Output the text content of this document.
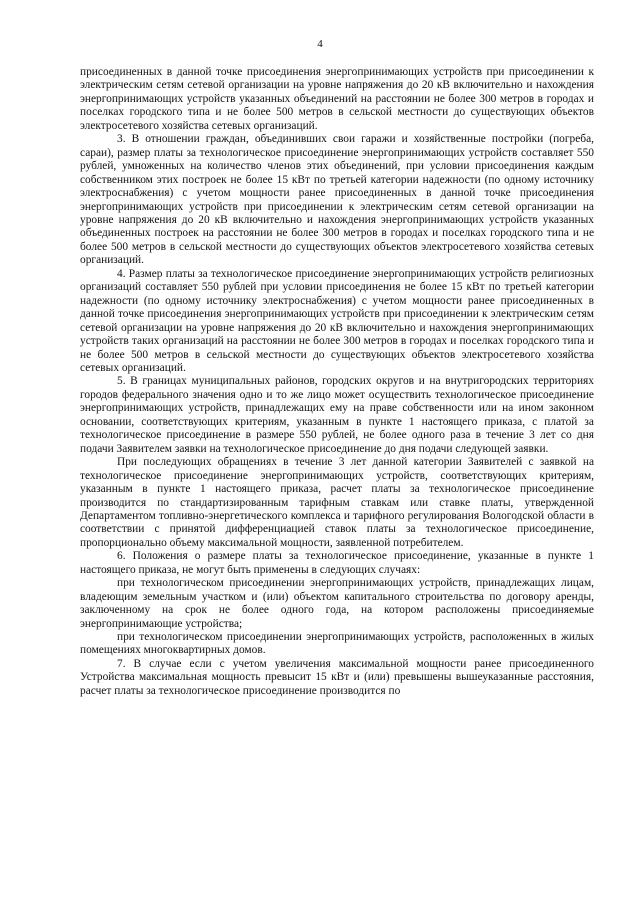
4

присоединенных в данной точке присоединения энергопринимающих устройств при присоединении к электрическим сетям сетевой организации на уровне напряжения до 20 кВ включительно и нахождения энергопринимающих устройств указанных объединений на расстоянии не более 300 метров в городах и поселках городского типа и не более 500 метров в сельской местности до существующих объектов электросетевого хозяйства сетевых организаций.

3. В отношении граждан, объединивших свои гаражи и хозяйственные постройки (погреба, сараи), размер платы за технологическое присоединение энергопринимающих устройств составляет 550 рублей, умноженных на количество членов этих объединений, при условии присоединения каждым собственником этих построек не более 15 кВт по третьей категории надежности (по одному источнику электроснабжения) с учетом мощности ранее присоединенных в данной точке присоединения энергопринимающих устройств при присоединении к электрическим сетям сетевой организации на уровне напряжения до 20 кВ включительно и нахождения энергопринимающих устройств указанных объединенных построек на расстоянии не более 300 метров в городах и поселках городского типа и не более 500 метров в сельской местности до существующих объектов электросетевого хозяйства сетевых организаций.

4. Размер платы за технологическое присоединение энергопринимающих устройств религиозных организаций составляет 550 рублей при условии присоединения не более 15 кВт по третьей категории надежности (по одному источнику электроснабжения) с учетом мощности ранее присоединенных в данной точке присоединения энергопринимающих устройств при присоединении к электрическим сетям сетевой организации на уровне напряжения до 20 кВ включительно и нахождения энергопринимающих устройств таких организаций на расстоянии не более 300 метров в городах и поселках городского типа и не более 500 метров в сельской местности до существующих объектов электросетевого хозяйства сетевых организаций.

5. В границах муниципальных районов, городских округов и на внутригородских территориях городов федерального значения одно и то же лицо может осуществить технологическое присоединение энергопринимающих устройств, принадлежащих ему на праве собственности или на ином законном основании, соответствующих критериям, указанным в пункте 1 настоящего приказа, с платой за технологическое присоединение в размере 550 рублей, не более одного раза в течение 3 лет со дня подачи Заявителем заявки на технологическое присоединение до дня подачи следующей заявки.

При последующих обращениях в течение 3 лет данной категории Заявителей с заявкой на технологическое присоединение энергопринимающих устройств, соответствующих критериям, указанным в пункте 1 настоящего приказа, расчет платы за технологическое присоединение производится по стандартизированным тарифным ставкам или ставке платы, утвержденной Департаментом топливно-энергетического комплекса и тарифного регулирования Вологодской области в соответствии с принятой дифференциацией ставок платы за технологическое присоединение, пропорционально объему максимальной мощности, заявленной потребителем.

6. Положения о размере платы за технологическое присоединение, указанные в пункте 1 настоящего приказа, не могут быть применены в следующих случаях:

при технологическом присоединении энергопринимающих устройств, принадлежащих лицам, владеющим земельным участком и (или) объектом капитального строительства по договору аренды, заключенному на срок не более одного года, на котором расположены присоединяемые энергопринимающие устройства;

при технологическом присоединении энергопринимающих устройств, расположенных в жилых помещениях многоквартирных домов.

7. В случае если с учетом увеличения максимальной мощности ранее присоединенного Устройства максимальная мощность превысит 15 кВт и (или) превышены вышеуказанные расстояния, расчет платы за технологическое присоединение производится по
